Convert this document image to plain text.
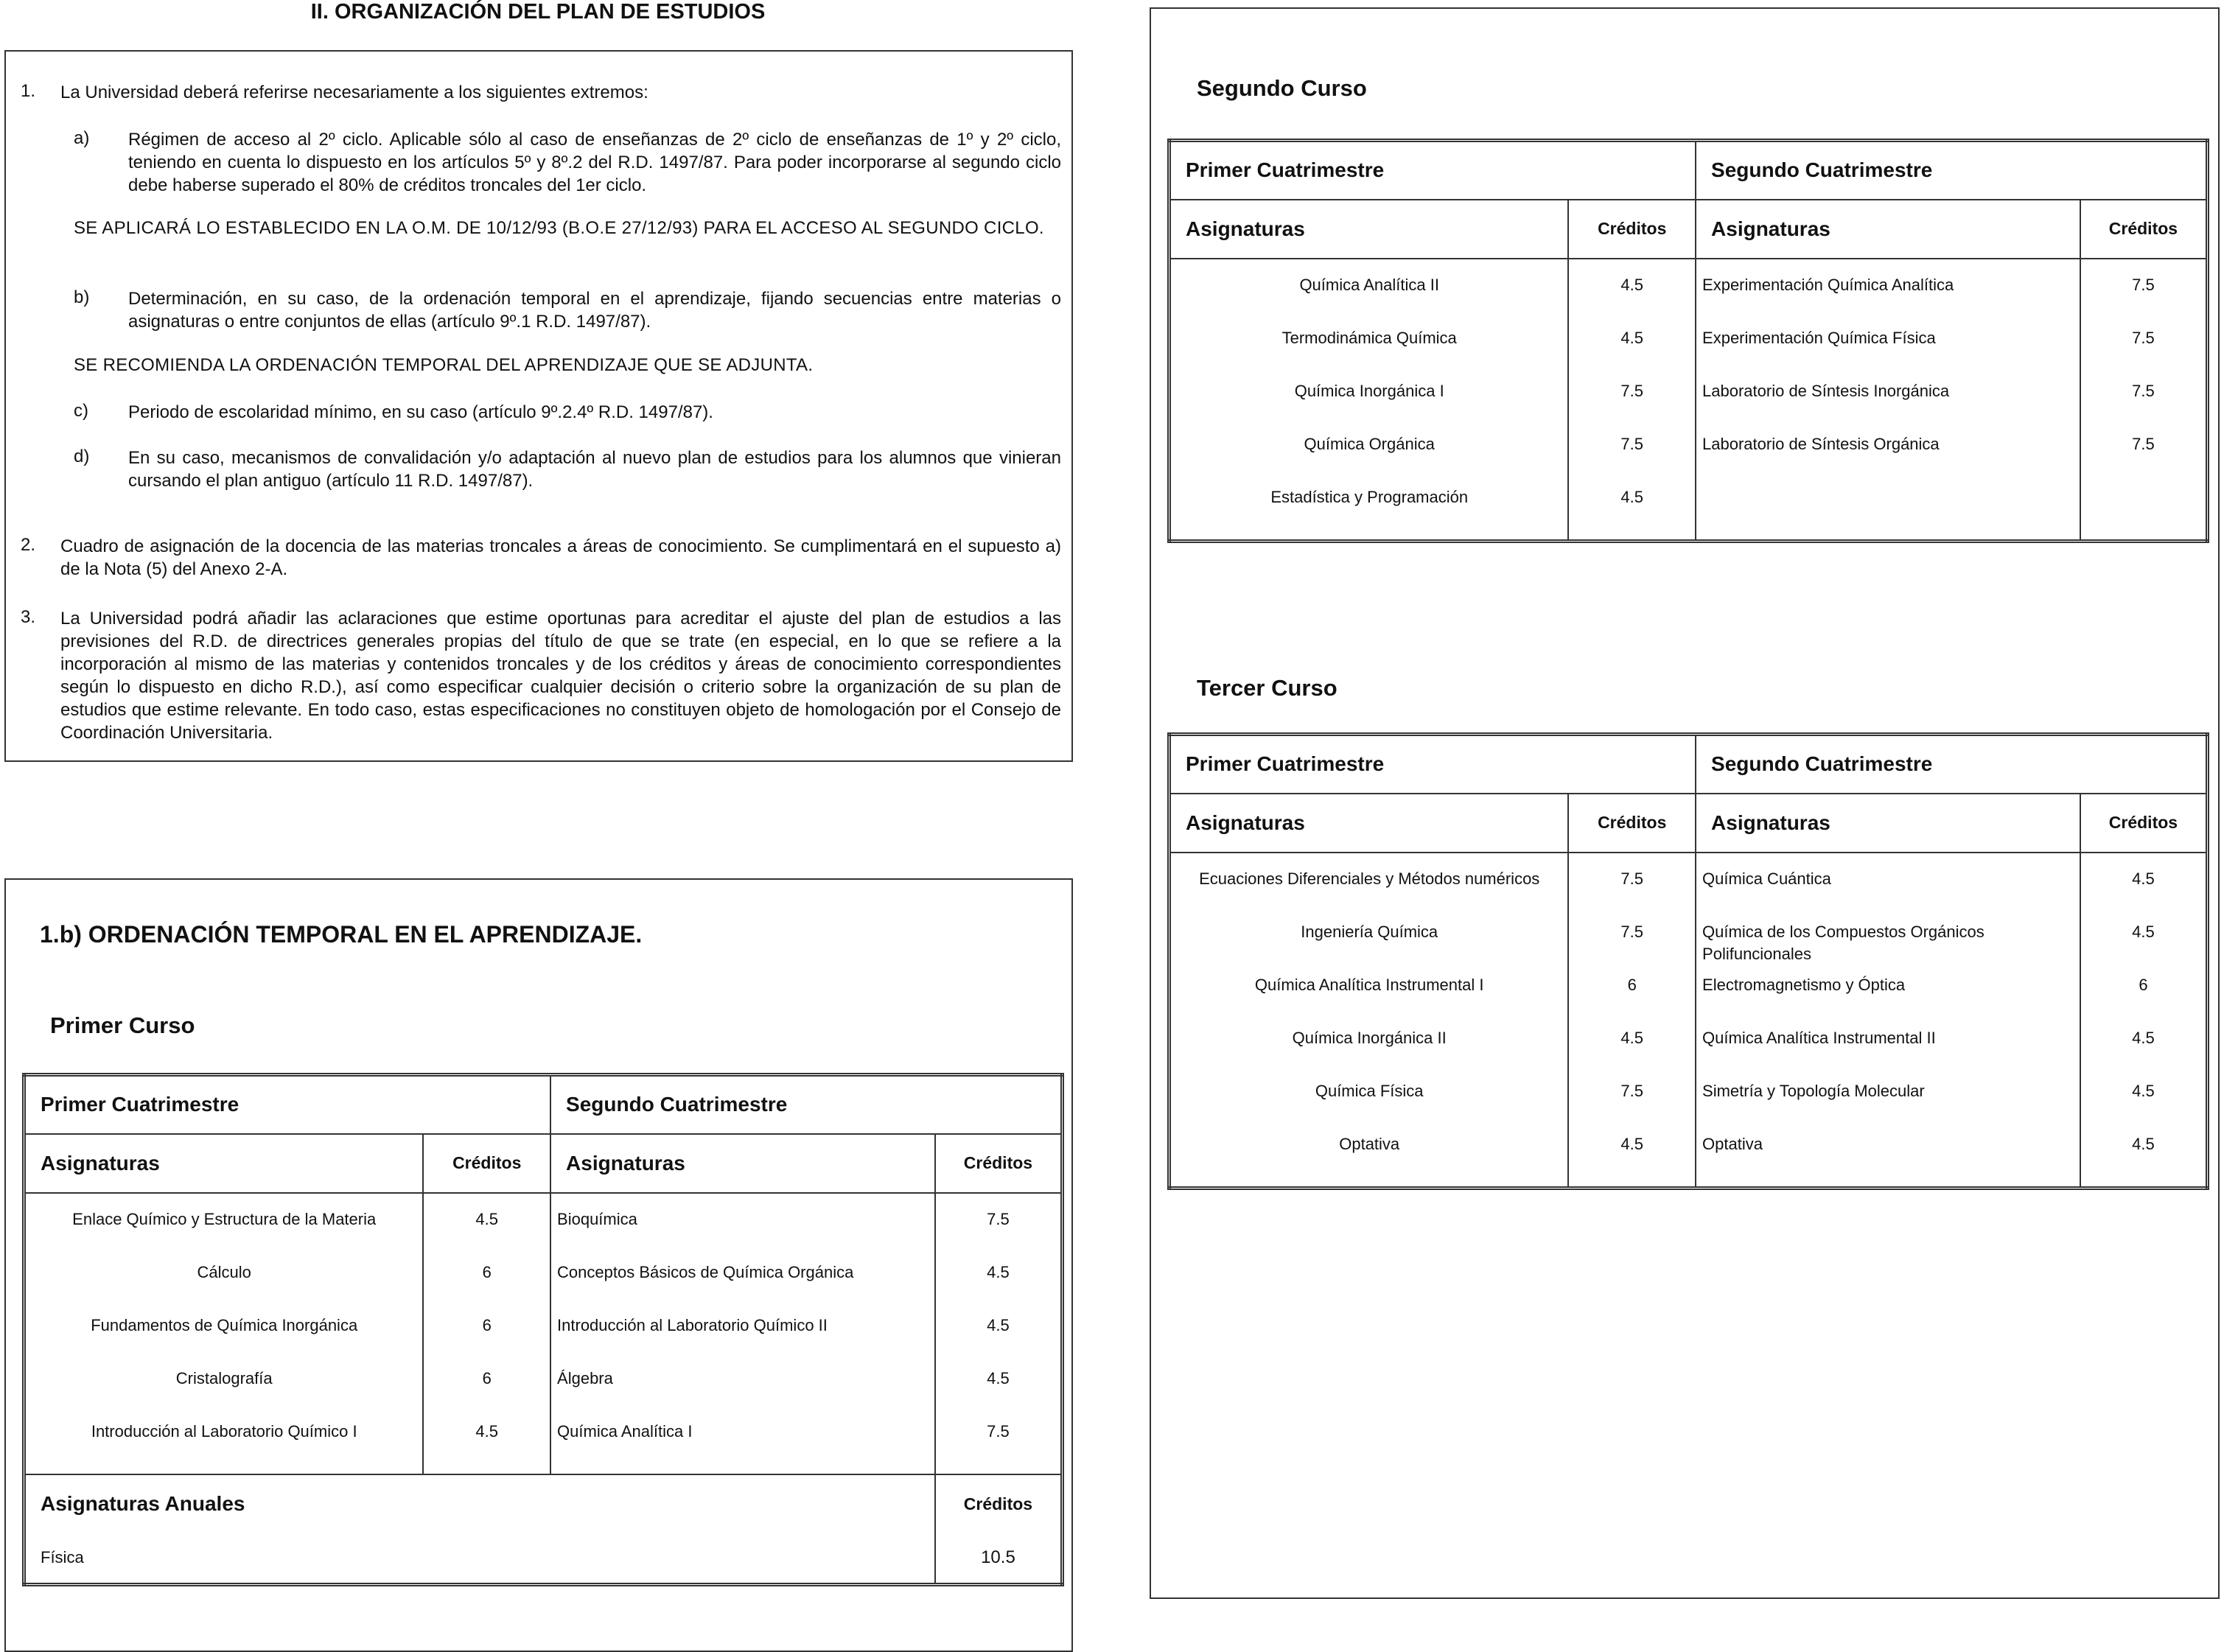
II. ORGANIZACIÓN DEL PLAN DE ESTUDIOS
1. La Universidad deberá referirse necesariamente a los siguientes extremos:
a) Régimen de acceso al 2º ciclo. Aplicable sólo al caso de enseñanzas de 2º ciclo de enseñanzas de 1º y 2º ciclo, teniendo en cuenta lo dispuesto en los artículos 5º y 8º.2 del R.D. 1497/87. Para poder incorporarse al segundo ciclo debe haberse superado el 80% de créditos troncales del 1er ciclo.
SE APLICARÁ LO ESTABLECIDO EN LA O.M. DE 10/12/93 (B.O.E 27/12/93) PARA EL ACCESO AL SEGUNDO CICLO.
b) Determinación, en su caso, de la ordenación temporal en el aprendizaje, fijando secuencias entre materias o asignaturas o entre conjuntos de ellas (artículo 9º.1 R.D. 1497/87).
SE RECOMIENDA LA ORDENACIÓN TEMPORAL DEL APRENDIZAJE QUE SE ADJUNTA.
c) Periodo de escolaridad mínimo, en su caso (artículo 9º.2.4º R.D. 1497/87).
d) En su caso, mecanismos de convalidación y/o adaptación al nuevo plan de estudios para los alumnos que vinieran cursando el plan antiguo (artículo 11 R.D. 1497/87).
2. Cuadro de asignación de la docencia de las materias troncales a áreas de conocimiento. Se cumplimentará en el supuesto a) de la Nota (5) del Anexo 2-A.
3. La Universidad podrá añadir las aclaraciones que estime oportunas para acreditar el ajuste del plan de estudios a las previsiones del R.D. de directrices generales propias del título de que se trate (en especial, en lo que se refiere a la incorporación al mismo de las materias y contenidos troncales y de los créditos y áreas de conocimiento correspondientes según lo dispuesto en dicho R.D.), así como especificar cualquier decisión o criterio sobre la organización de su plan de estudios que estime relevante. En todo caso, estas especificaciones no constituyen objeto de homologación por el Consejo de Coordinación Universitaria.
1.b) ORDENACIÓN TEMPORAL EN EL APRENDIZAJE.
Primer Curso
Primer Cuatrimestre		Segundo Cuatrimestre	
Asignaturas	Créditos	Asignaturas	Créditos

Enlace Químico y Estructura de la Materia	4.5	Bioquímica	7.5

Cálculo	6	Conceptos Básicos de Química Orgánica	4.5

Fundamentos de Química Inorgánica	6	Introducción al Laboratorio Químico II	4.5

Cristalografía	6	Álgebra	4.5

Introducción al Laboratorio Químico I	4.5	Química Analítica I	7.5

Asignaturas Anuales			Créditos
Física			10.5
Segundo Curso
Primer Cuatrimestre		Segundo Cuatrimestre	
Asignaturas	Créditos	Asignaturas	Créditos

Química Analítica II	4.5	Experimentación Química Analítica	7.5

Termodinámica Química	4.5	Experimentación Química Física	7.5

Química Inorgánica I	7.5	Laboratorio de Síntesis Inorgánica	7.5

Química Orgánica	7.5	Laboratorio de Síntesis Orgánica	7.5

Estadística y Programación	4.5		

Tercer Curso
Primer Cuatrimestre		Segundo Cuatrimestre	
Asignaturas	Créditos	Asignaturas	Créditos

Ecuaciones Diferenciales y Métodos numéricos	7.5	Química Cuántica	4.5

Ingeniería Química	7.5	Química de los Compuestos Orgánicos Polifuncionales	4.5

Química Analítica Instrumental I	6	Electromagnetismo y Óptica	6

Química Inorgánica II	4.5	Química Analítica Instrumental II	4.5

Química Física	7.5	Simetría y Topología Molecular	4.5

Optativa	4.5	Optativa	4.5
